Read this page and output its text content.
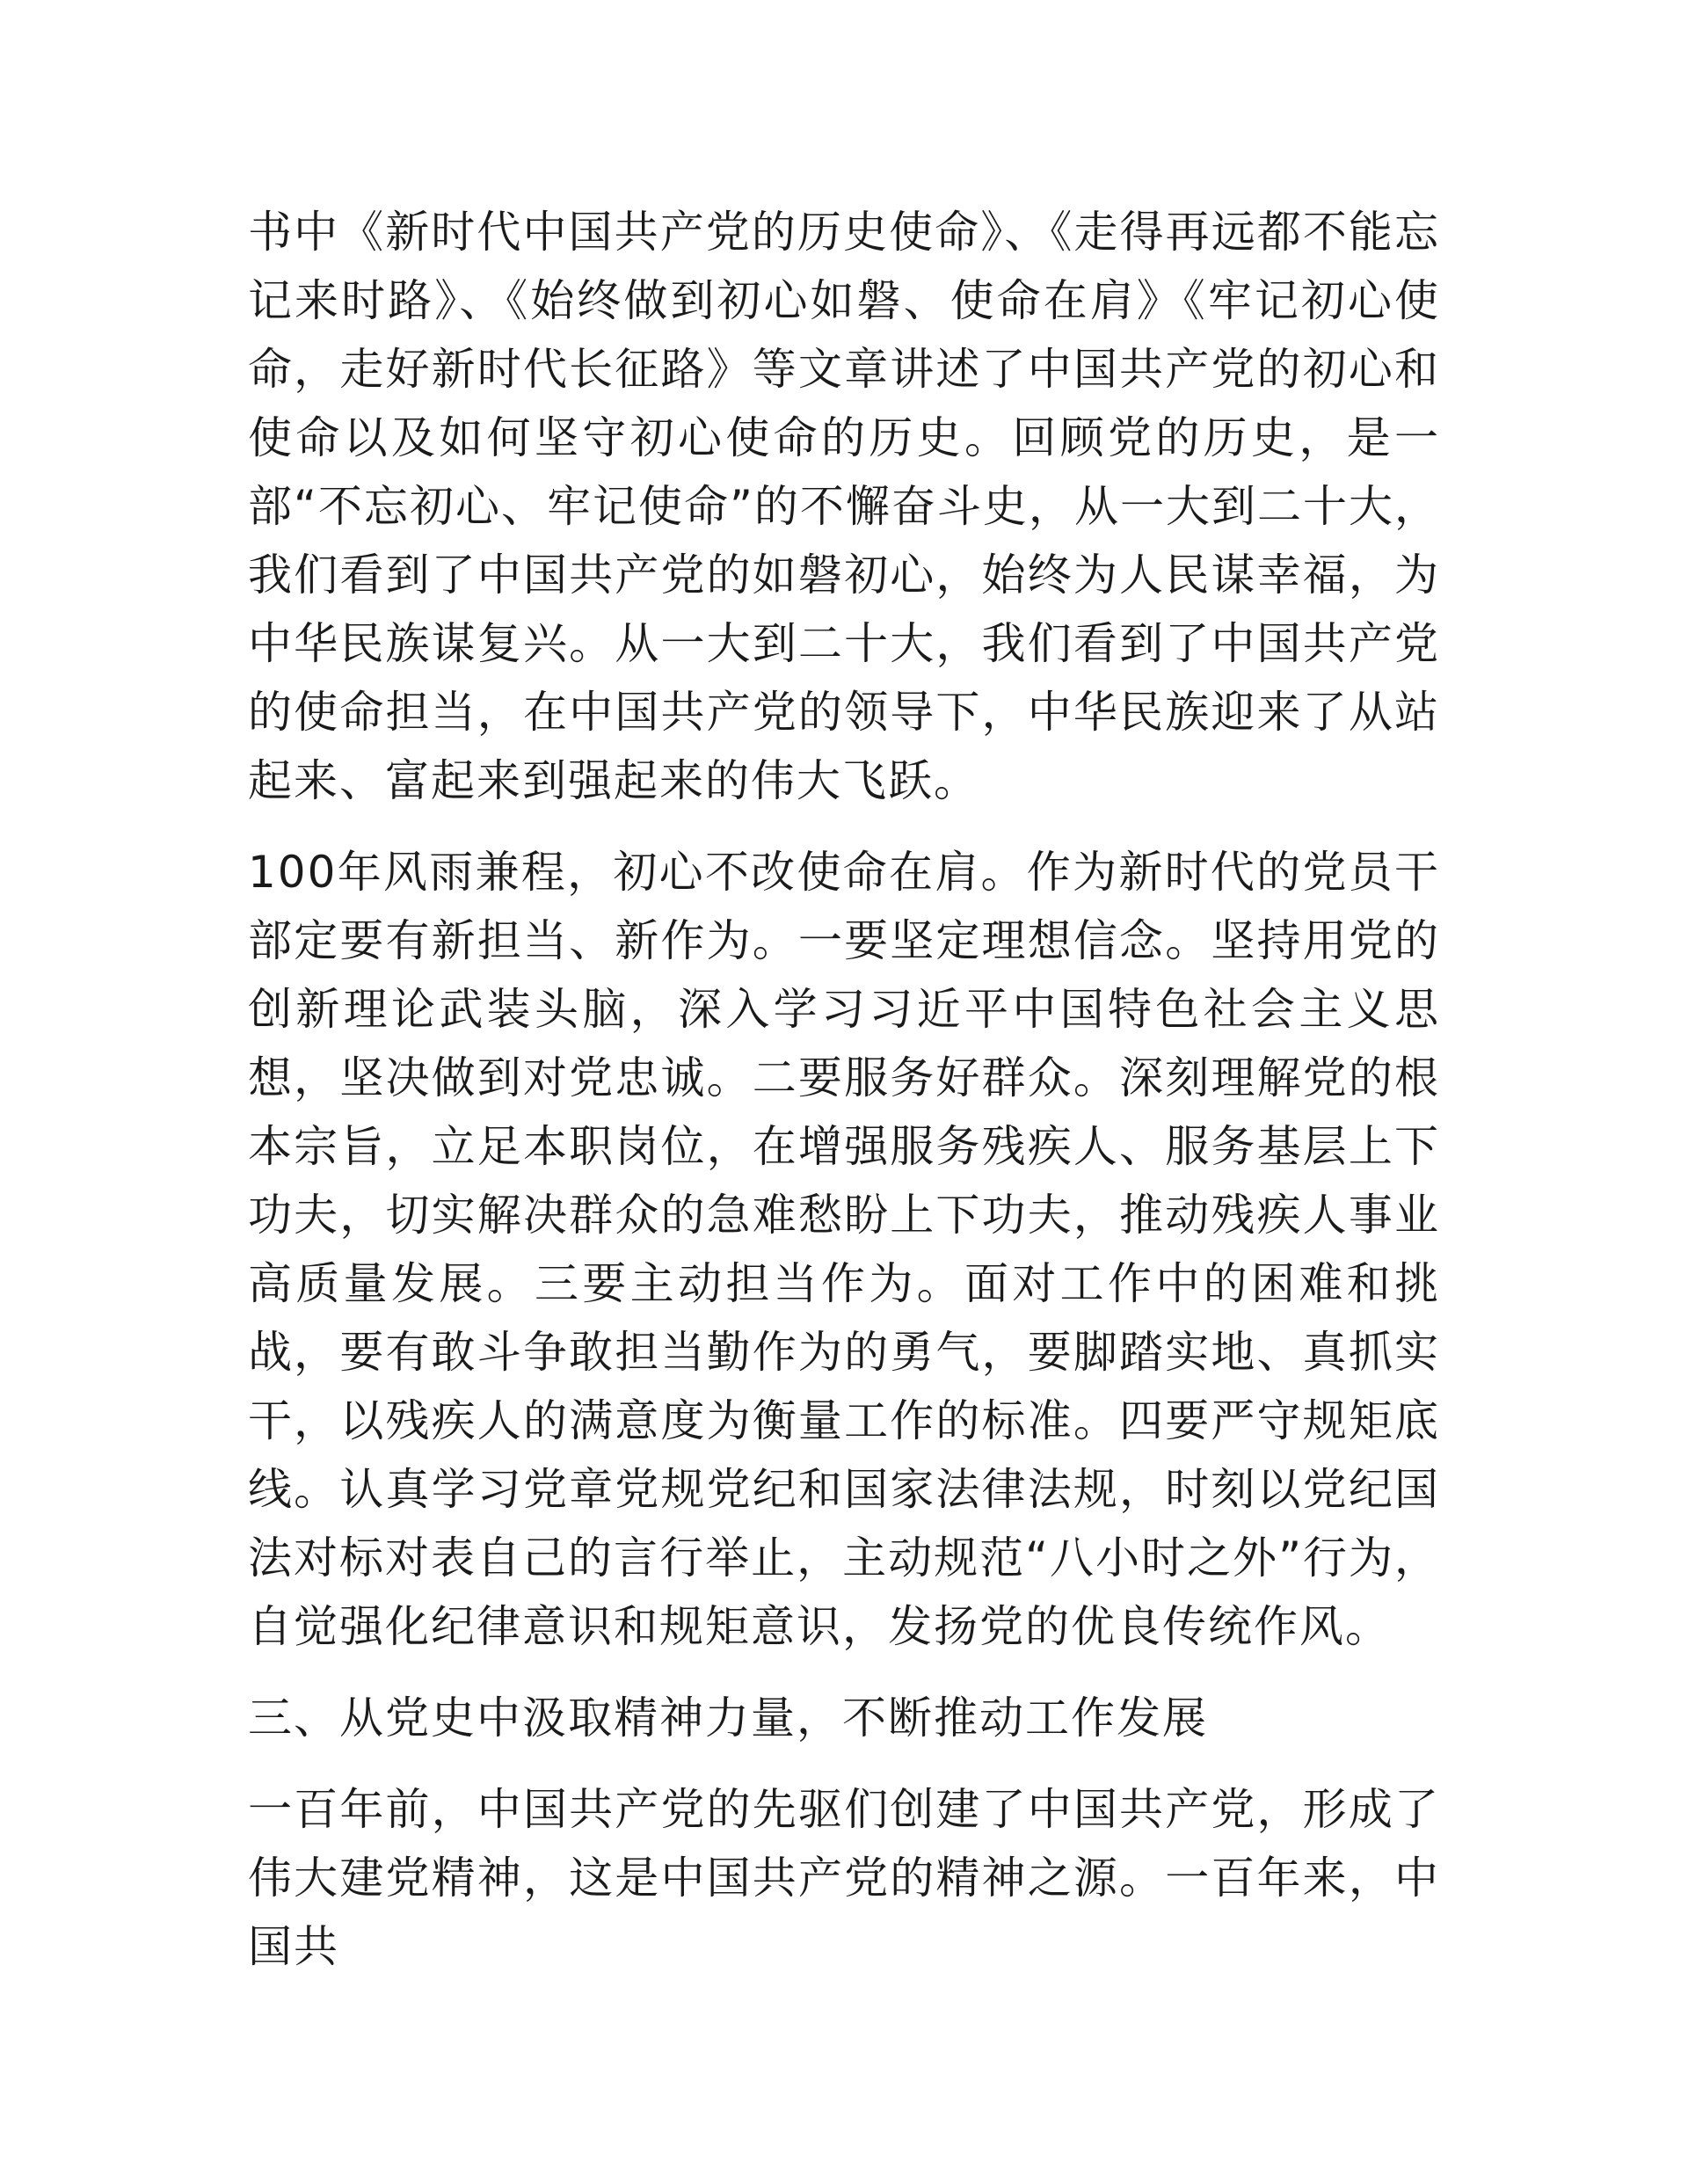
书中《新时代中国共产党的历史使命》、《走得再远都不能忘记来时路》、《始终做到初心如磐、使命在肩》《牢记初心使命，走好新时代长征路》等文章讲述了中国共产党的初心和使命以及如何坚守初心使命的历史。回顾党的历史，是一部“不忘初心、牢记使命”的不懈奋斗史，从一大到二十大，我们看到了中国共产党的如磐初心，始终为人民谋幸福，为中华民族谋复兴。从一大到二十大，我们看到了中国共产党的使命担当，在中国共产党的领导下，中华民族迎来了从站起来、富起来到强起来的伟大飞跃。

100年风雨兼程，初心不改使命在肩。作为新时代的党员干部定要有新担当、新作为。一要坚定理想信念。坚持用党的创新理论武装头脑，深入学习习近平中国特色社会主义思想，坚决做到对党忠诚。二要服务好群众。深刻理解党的根本宗旨，立足本职岗位，在增强服务残疾人、服务基层上下功夫，切实解决群众的急难愁盼上下功夫，推动残疾人事业高质量发展。三要主动担当作为。面对工作中的困难和挑战，要有敢斗争敢担当勤作为的勇气，要脚踏实地、真抓实干，以残疾人的满意度为衡量工作的标准。四要严守规矩底线。认真学习党章党规党纪和国家法律法规，时刻以党纪国法对标对表自己的言行举止，主动规范“八小时之外”行为，自觉强化纪律意识和规矩意识，发扬党的优良传统作风。

三、从党史中汲取精神力量，不断推动工作发展

一百年前，中国共产党的先驱们创建了中国共产党，形成了伟大建党精神，这是中国共产党的精神之源。一百年来，中国共
